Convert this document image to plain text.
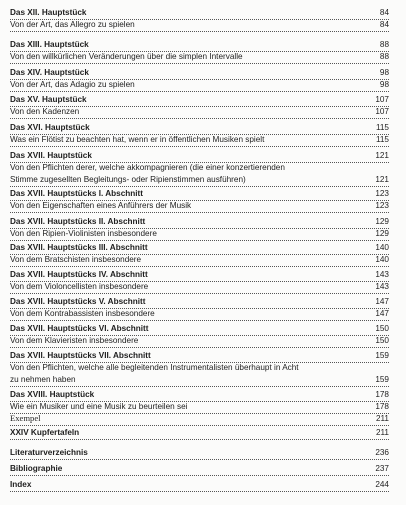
Das XII. Hauptstück	84
Von der Art, das Allegro zu spielen	84
Das XIII. Hauptstück	88
Von den willkürlichen Veränderungen über die simplen Intervalle	88
Das XIV. Hauptstück	98
Von der Art, das Adagio zu spielen	98
Das XV. Hauptstück	107
Von den Kadenzen	107
Das XVI. Hauptstück	115
Was ein Flötist zu beachten hat, wenn er in öffentlichen Musiken spielt	115
Das XVII. Hauptstück	121
Von den Pflichten derer, welche akkompagnieren (die einer konzertierenden
Stimme zugesellten Begleitungs- oder Ripienstimmen ausführen)	121
Das XVII. Hauptstücks I. Abschnitt	123
Von den Eigenschaften eines Anführers der Musik	123
Das XVII. Hauptstücks II. Abschnitt	129
Von den Ripien-Violinisten insbesondere	129
Das XVII. Hauptstücks III. Abschnitt	140
Von dem Bratschisten insbesondere	140
Das XVII. Hauptstücks IV. Abschnitt	143
Von dem Violoncellisten insbesondere	143
Das XVII. Hauptstücks V. Abschnitt	147
Von dem Kontrabassisten insbesondere	147
Das XVII. Hauptstücks VI. Abschnitt	150
Von dem Klavieristen insbesondere	150
Das XVII. Hauptstücks VII. Abschnitt	159
Von den Pflichten, welche alle begleitenden Instrumentalisten überhaupt in Acht
zu nehmen haben	159
Das XVIII. Hauptstück	178
Wie ein Musiker und eine Musik zu beurteilen sei	178
Exempel	211
XXIV Kupfertafeln	211
Literaturverzeichnis	236
Bibliographie	237
Index	244
